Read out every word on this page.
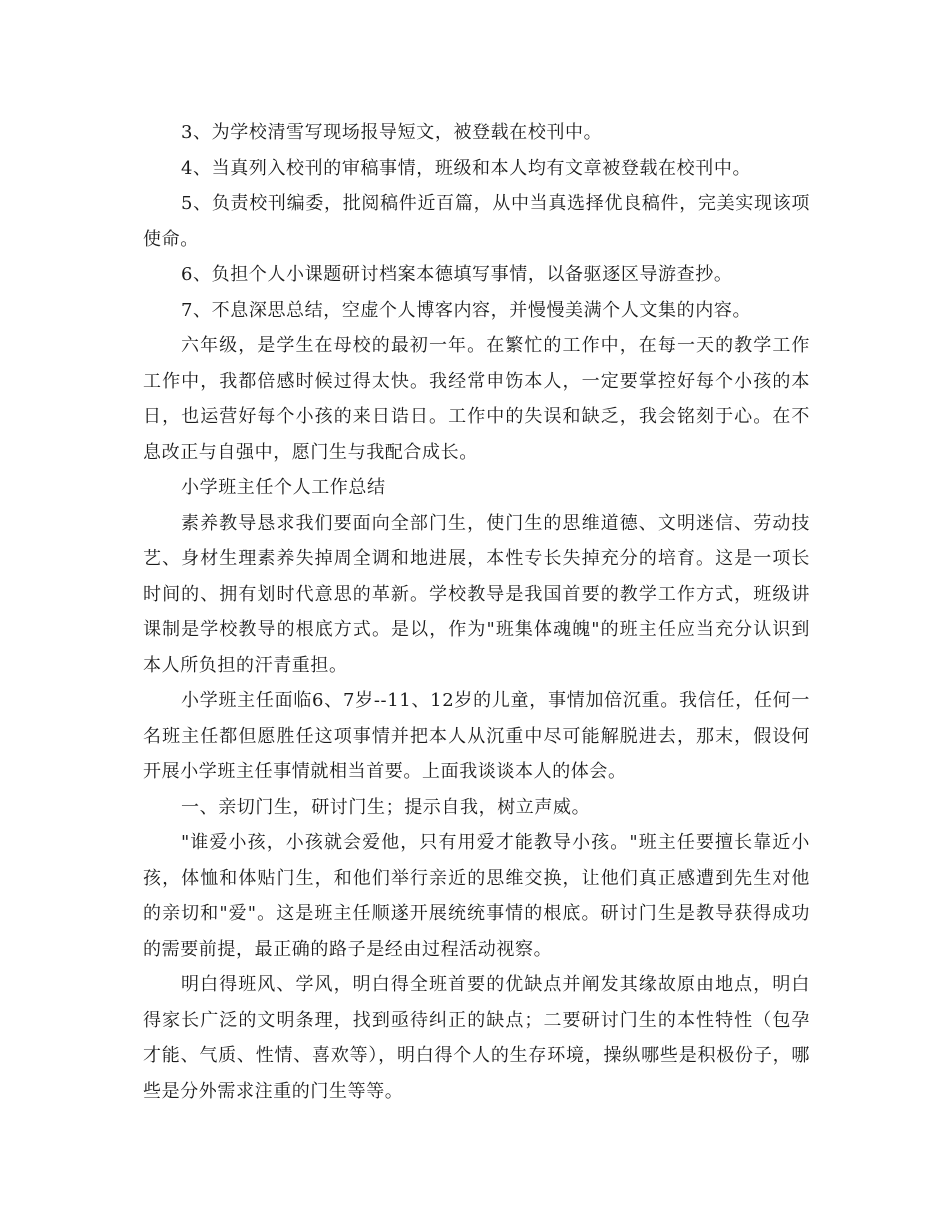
3、为学校清雪写现场报导短文，被登载在校刊中。

4、当真列入校刊的审稿事情，班级和本人均有文章被登载在校刊中。

5、负责校刊编委，批阅稿件近百篇，从中当真选择优良稿件，完美实现该项使命。

6、负担个人小课题研讨档案本德填写事情，以备驱逐区导游查抄。

7、不息深思总结，空虚个人博客内容，并慢慢美满个人文集的内容。

六年级，是学生在母校的最初一年。在繁忙的工作中，在每一天的教学工作工作中，我都倍感时候过得太快。我经常申饬本人，一定要掌控好每个小孩的本日，也运营好每个小孩的来日诰日。工作中的失误和缺乏，我会铭刻于心。在不息改正与自强中，愿门生与我配合成长。

小学班主任个人工作总结

素养教导恳求我们要面向全部门生，使门生的思维道德、文明迷信、劳动技艺、身材生理素养失掉周全调和地进展，本性专长失掉充分的培育。这是一项长时间的、拥有划时代意思的革新。学校教导是我国首要的教学工作方式，班级讲课制是学校教导的根底方式。是以，作为"班集体魂魄"的班主任应当充分认识到本人所负担的汗青重担。

小学班主任面临6、7岁--11、12岁的儿童，事情加倍沉重。我信任，任何一名班主任都但愿胜任这项事情并把本人从沉重中尽可能解脱进去，那末，假设何开展小学班主任事情就相当首要。上面我谈谈本人的体会。

一、亲切门生，研讨门生；提示自我，树立声威。

"谁爱小孩，小孩就会爱他，只有用爱才能教导小孩。"班主任要擅长靠近小孩，体恤和体贴门生，和他们举行亲近的思维交换，让他们真正感遭到先生对他的亲切和"爱"。这是班主任顺遂开展统统事情的根底。研讨门生是教导获得成功的需要前提，最正确的路子是经由过程活动视察。

明白得班风、学风，明白得全班首要的优缺点并阐发其缘故原由地点，明白得家长广泛的文明条理，找到亟待纠正的缺点；二要研讨门生的本性特性（包孕才能、气质、性情、喜欢等），明白得个人的生存环境，操纵哪些是积极份子，哪些是分外需求注重的门生等等。
